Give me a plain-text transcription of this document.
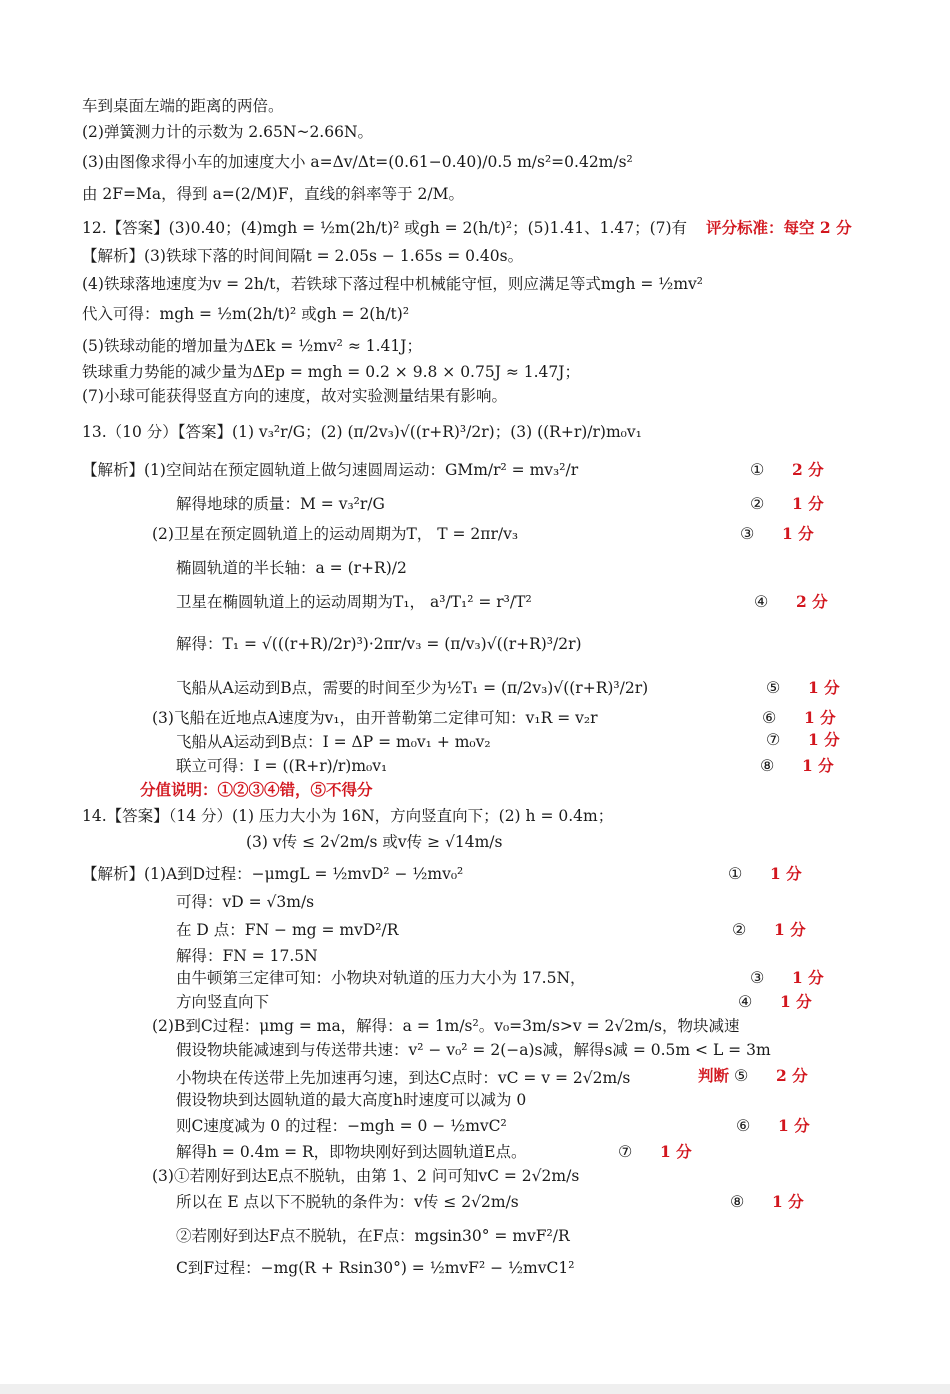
车到桌面左端的距离的两倍。
(2)弹簧测力计的示数为 2.65N~2.66N。
(3)由图像求得小车的加速度大小 a=Δv/Δt=(0.61−0.40)/0.5 m/s²=0.42m/s²
由 2F=Ma，得到 a=(2/M)F，直线的斜率等于 2/M。
12.【答案】(3)0.40；(4)mgh = ½m(2h/t)² 或gh = 2(h/t)²；(5)1.41、1.47；(7)有
【解析】(3)铁球下落的时间间隔t = 2.05s − 1.65s = 0.40s。
(4)铁球落地速度为v = 2h/t，若铁球下落过程中机械能守恒，则应满足等式mgh = ½mv²
代入可得：mgh = ½m(2h/t)² 或gh = 2(h/t)²
(5)铁球动能的增加量为ΔEk = ½mv² ≈ 1.41J；
铁球重力势能的减少量为ΔEp = mgh = 0.2 × 9.8 × 0.75J ≈ 1.47J；
(7)小球可能获得竖直方向的速度，故对实验测量结果有影响。
13.（10 分）【答案】(1) v₃²r/G；(2) (π/2v₃)√((r+R)³/2r)；(3) ((R+r)/r)m₀v₁
【解析】(1)空间站在预定圆轨道上做匀速圆周运动：GMm/r² = mv₃²/r
解得地球的质量：M = v₃²r/G
(2)卫星在预定圆轨道上的运动周期为T， T = 2πr/v₃
椭圆轨道的半长轴：a = (r+R)/2
卫星在椭圆轨道上的运动周期为T₁， a³/T₁² = r³/T²
解得：T₁ = √(((r+R)/2r)³)·2πr/v₃ = (π/v₃)√((r+R)³/2r)
飞船从A运动到B点，需要的时间至少为½T₁ = (π/2v₃)√((r+R)³/2r)
(3)飞船在近地点A速度为v₁，由开普勒第二定律可知：v₁R = v₂r
飞船从A运动到B点：I = ΔP = m₀v₁ + m₀v₂
联立可得：I = ((R+r)/r)m₀v₁
14.【答案】（14 分）(1) 压力大小为 16N，方向竖直向下；(2) h = 0.4m；
(3) v传 ≤ 2√2m/s 或v传 ≥ √14m/s
【解析】(1)A到D过程：−μmgL = ½mvD² − ½mv₀²
可得：vD = √3m/s
在 D 点：FN − mg = mvD²/R
解得：FN = 17.5N
由牛顿第三定律可知：小物块对轨道的压力大小为 17.5N，
方向竖直向下
(2)B到C过程：μmg = ma，解得：a = 1m/s²。v₀=3m/s>v = 2√2m/s，物块减速
假设物块能减速到与传送带共速：v² − v₀² = 2(−a)s减，解得s减 = 0.5m < L = 3m
小物块在传送带上先加速再匀速，到达C点时：vC = v = 2√2m/s
假设物块到达圆轨道的最大高度h时速度可以减为 0
则C速度减为 0 的过程：−mgh = 0 − ½mvC²
解得h = 0.4m = R，即物块刚好到达圆轨道E点。
(3)①若刚好到达E点不脱轨，由第 1、2 问可知vC = 2√2m/s
所以在 E 点以下不脱轨的条件为：v传 ≤ 2√2m/s
②若刚好到达F点不脱轨，在F点：mgsin30° = mvF²/R
C到F过程：−mg(R + Rsin30°) = ½mvF² − ½mvC1²
① 2 分
② 1 分
③ 1 分
④ 2 分
⑤ 1 分
⑥ 1 分
⑦ 1 分
⑧ 1 分
① 1 分
② 1 分
③ 1 分
④ 1 分
⑥ 1 分
⑦ 1 分
⑧ 1 分
评分标准：每空 2 分
分值说明：①②③④错，⑤不得分
判断 ⑤ 2 分
